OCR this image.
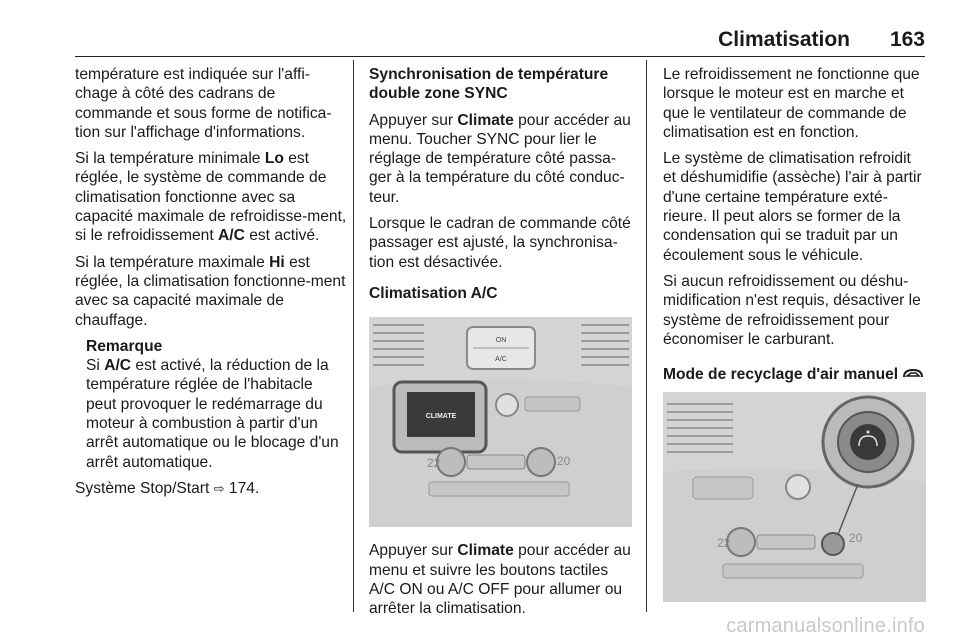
Climatisation 163

température est indiquée sur l'affi-chage à côté des cadrans de commande et sous forme de notifica-tion sur l'affichage d'informations.

Si la température minimale Lo est réglée, le système de commande de climatisation fonctionne avec sa capacité maximale de refroidisse-ment, si le refroidissement A/C est activé.

Si la température maximale Hi est réglée, la climatisation fonctionne-ment avec sa capacité maximale de chauffage.

Remarque

Si A/C est activé, la réduction de la température réglée de l'habitacle peut provoquer le redémarrage du moteur à combustion à partir d'un arrêt automatique ou le blocage d'un arrêt automatique.

Système Stop/Start ⇨ 174.

Synchronisation de température double zone SYNC

Appuyer sur Climate pour accéder au menu. Toucher SYNC pour lier le réglage de température côté passa-ger à la température du côté conduc-teur.

Lorsque le cadran de commande côté passager est ajusté, la synchronisa-tion est désactivée.

Climatisation A/C
ON
A/C
CLIMATE
22	20

Appuyer sur Climate pour accéder au menu et suivre les boutons tactiles A/C ON ou A/C OFF pour allumer ou arrêter la climatisation.

Le refroidissement ne fonctionne que lorsque le moteur est en marche et que le ventilateur de commande de climatisation est en fonction.

Le système de climatisation refroidit et déshumidifie (assèche) l'air à partir d'une certaine température exté-rieure. Il peut alors se former de la condensation qui se traduit par un écoulement sous le véhicule.

Si aucun refroidissement ou déshu-midification n'est requis, désactiver le système de refroidissement pour économiser le carburant.

Mode de recyclage d'air manuel
22	20
carmanualsonline.info
